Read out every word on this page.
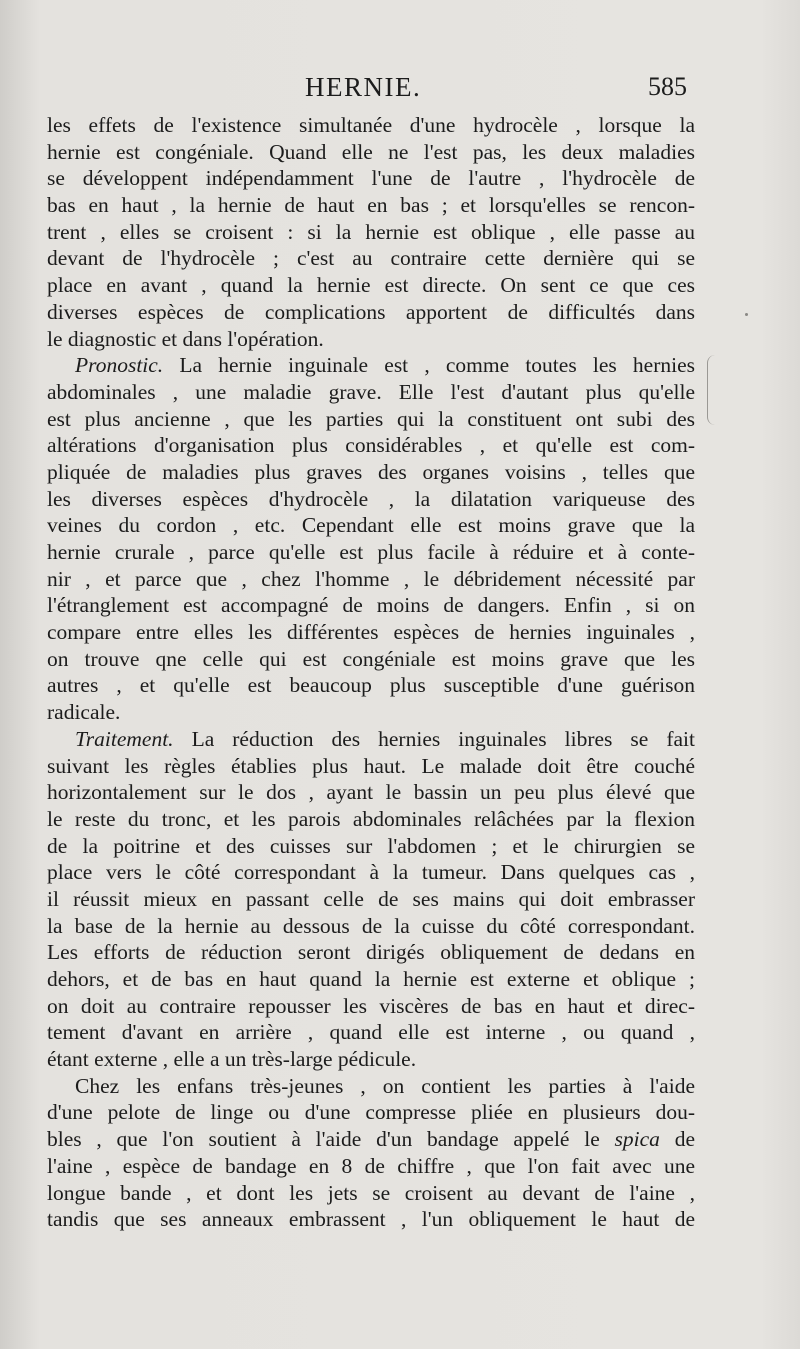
HERNIE.	585
les effets de l'existence simultanée d'une hydrocèle , lorsque la
hernie est congéniale. Quand elle ne l'est pas, les deux maladies
se développent indépendamment l'une de l'autre , l'hydrocèle de
bas en haut , la hernie de haut en bas ; et lorsqu'elles se rencon-
trent , elles se croisent : si la hernie est oblique , elle passe au
devant de l'hydrocèle ; c'est au contraire cette dernière qui se
place en avant , quand la hernie est directe. On sent ce que ces
diverses espèces de complications apportent de difficultés dans
le diagnostic et dans l'opération.
Pronostic. La hernie inguinale est , comme toutes les hernies
abdominales , une maladie grave. Elle l'est d'autant plus qu'elle
est plus ancienne , que les parties qui la constituent ont subi des
altérations d'organisation plus considérables , et qu'elle est com-
pliquée de maladies plus graves des organes voisins , telles que
les diverses espèces d'hydrocèle , la dilatation variqueuse des
veines du cordon , etc. Cependant elle est moins grave que la
hernie crurale , parce qu'elle est plus facile à réduire et à conte-
nir , et parce que , chez l'homme , le débridement nécessité par
l'étranglement est accompagné de moins de dangers. Enfin , si on
compare entre elles les différentes espèces de hernies inguinales ,
on trouve qne celle qui est congéniale est moins grave que les
autres , et qu'elle est beaucoup plus susceptible d'une guérison
radicale.
Traitement. La réduction des hernies inguinales libres se fait
suivant les règles établies plus haut. Le malade doit être couché
horizontalement sur le dos , ayant le bassin un peu plus élevé que
le reste du tronc, et les parois abdominales relâchées par la flexion
de la poitrine et des cuisses sur l'abdomen ; et le chirurgien se
place vers le côté correspondant à la tumeur. Dans quelques cas ,
il réussit mieux en passant celle de ses mains qui doit embrasser
la base de la hernie au dessous de la cuisse du côté correspondant.
Les efforts de réduction seront dirigés obliquement de dedans en
dehors, et de bas en haut quand la hernie est externe et oblique ;
on doit au contraire repousser les viscères de bas en haut et direc-
tement d'avant en arrière , quand elle est interne , ou quand ,
étant externe , elle a un très-large pédicule.
Chez les enfans très-jeunes , on contient les parties à l'aide
d'une pelote de linge ou d'une compresse pliée en plusieurs dou-
bles , que l'on soutient à l'aide d'un bandage appelé le spica de
l'aine , espèce de bandage en 8 de chiffre , que l'on fait avec une
longue bande , et dont les jets se croisent au devant de l'aine ,
tandis que ses anneaux embrassent , l'un obliquement le haut de
